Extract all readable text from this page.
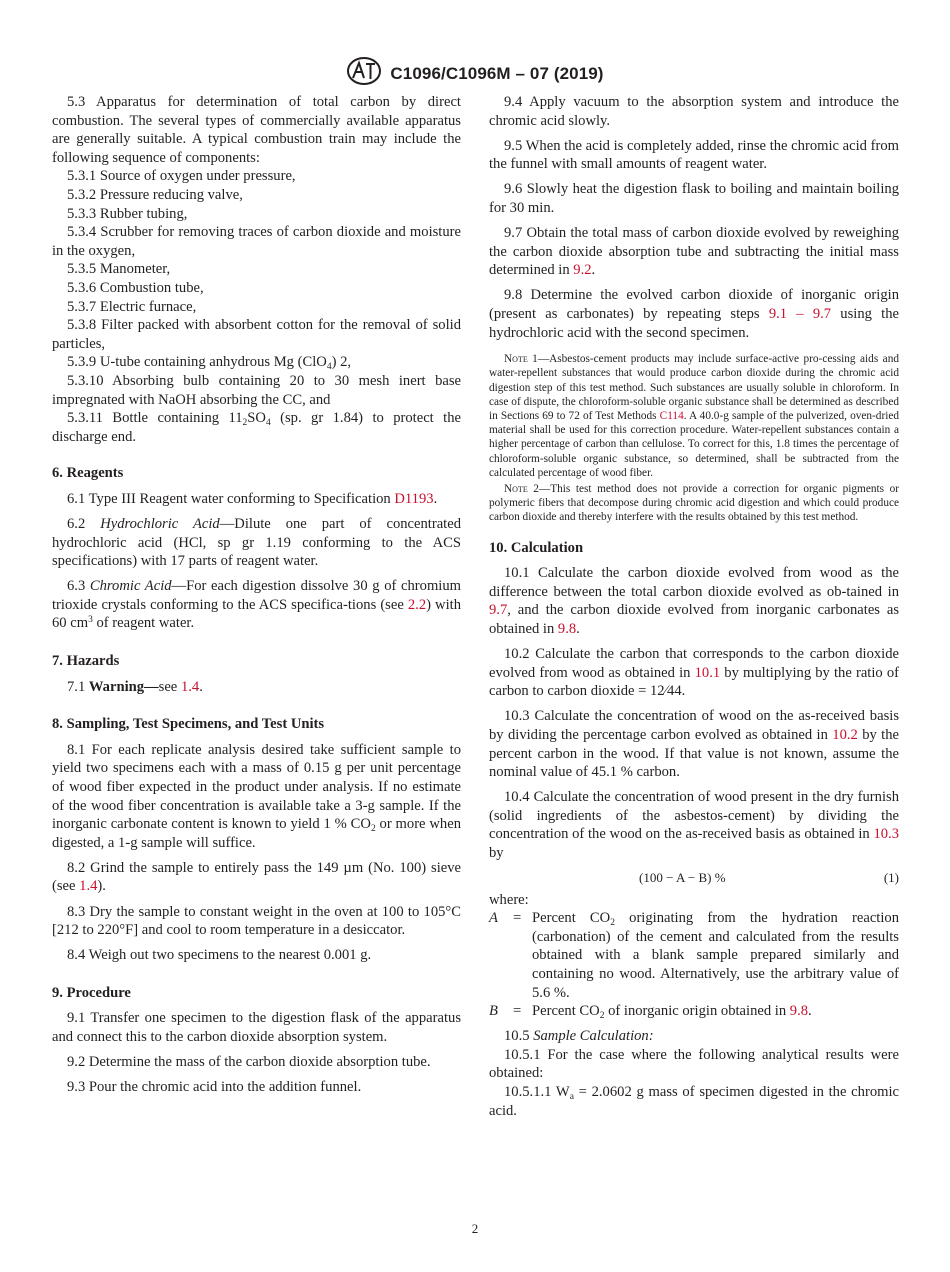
C1096/C1096M – 07 (2019)

5.3 Apparatus for determination of total carbon by direct combustion. The several types of commercially available apparatus are generally suitable. A typical combustion train may include the following sequence of components:

5.3.1 Source of oxygen under pressure,

5.3.2 Pressure reducing valve,

5.3.3 Rubber tubing,

5.3.4 Scrubber for removing traces of carbon dioxide and moisture in the oxygen,

5.3.5 Manometer,

5.3.6 Combustion tube,

5.3.7 Electric furnace,

5.3.8 Filter packed with absorbent cotton for the removal of solid particles,

5.3.9 U-tube containing anhydrous Mg (ClO$_4$) 2,

5.3.10 Absorbing bulb containing 20 to 30 mesh inert base impregnated with NaOH absorbing the CC, and

5.3.11 Bottle containing $11_2SO_4$ (sp. gr 1.84) to protect the discharge end.

6. Reagents

6.1 Type III Reagent water conforming to Specification D1193.

6.2 Hydrochloric Acid—Dilute one part of concentrated hydrochloric acid (HCl, sp gr 1.19 conforming to the ACS specifications) with 17 parts of reagent water.

6.3 Chromic Acid—For each digestion dissolve 30 g of chromium trioxide crystals conforming to the ACS specifica-tions (see 2.2) with 60 $cm^3$ of reagent water.

7. Hazards

7.1 Warning—see 1.4.

8. Sampling, Test Specimens, and Test Units

8.1 For each replicate analysis desired take sufficient sample to yield two specimens each with a mass of 0.15 g per unit percentage of wood fiber expected in the product under analysis. If no estimate of the wood fiber concentration is available take a 3-g sample. If the inorganic carbonate content is known to yield 1 % $CO_2$ or more when digested, a 1-g sample will suffice.

8.2 Grind the sample to entirely pass the 149 µm (No. 100) sieve (see 1.4).

8.3 Dry the sample to constant weight in the oven at 100 to 105°C [212 to 220°F] and cool to room temperature in a desiccator.

8.4 Weigh out two specimens to the nearest 0.001 g.

9. Procedure

9.1 Transfer one specimen to the digestion flask of the apparatus and connect this to the carbon dioxide absorption system.

9.2 Determine the mass of the carbon dioxide absorption tube.

9.3 Pour the chromic acid into the addition funnel.

9.4 Apply vacuum to the absorption system and introduce the chromic acid slowly.

9.5 When the acid is completely added, rinse the chromic acid from the funnel with small amounts of reagent water.

9.6 Slowly heat the digestion flask to boiling and maintain boiling for 30 min.

9.7 Obtain the total mass of carbon dioxide evolved by reweighing the carbon dioxide absorption tube and subtracting the initial mass determined in 9.2.

9.8 Determine the evolved carbon dioxide of inorganic origin (present as carbonates) by repeating steps 9.1 – 9.7 using the hydrochloric acid with the second specimen.

Note 1—Asbestos-cement products may include surface-active pro-cessing aids and water-repellent substances that would produce carbon dioxide during the chromic acid digestion step of this test method. Such substances are usually soluble in chloroform. In case of dispute, the chloroform-soluble organic substance shall be determined as described in Sections 69 to 72 of Test Methods C114. A 40.0-g sample of the pulverized, oven-dried material shall be used for this correction procedure. Water-repellent substances contain a higher percentage of carbon than cellulose. To correct for this, 1.8 times the percentage of chloroform-soluble organic substance, so determined, shall be subtracted from the calculated percentage of wood fiber.

Note 2—This test method does not provide a correction for organic pigments or polymeric fibers that decompose during chromic acid digestion and which could produce carbon dioxide and thereby interfere with the results obtained by this test method.

10. Calculation

10.1 Calculate the carbon dioxide evolved from wood as the difference between the total carbon dioxide evolved as ob-tained in 9.7, and the carbon dioxide evolved from inorganic carbonates as obtained in 9.8.

10.2 Calculate the carbon that corresponds to the carbon dioxide evolved from wood as obtained in 10.1 by multiplying by the ratio of carbon to carbon dioxide = 12⁄44.

10.3 Calculate the concentration of wood on the as-received basis by dividing the percentage carbon evolved as obtained in 10.2 by the percent carbon in the wood. If that value is not known, assume the nominal value of 45.1 % carbon.

10.4 Calculate the concentration of wood present in the dry furnish (solid ingredients of the asbestos-cement) by dividing the concentration of the wood on the as-received basis as obtained in 10.3 by

(100 − A − B) %	(1)

where:

A = Percent $CO_2$ originating from the hydration reaction (carbonation) of the cement and calculated from the results obtained with a blank sample prepared similarly and containing no wood. Alternatively, use the arbitrary value of 5.6 %.
B = Percent $CO_2$ of inorganic origin obtained in 9.8.

10.5 Sample Calculation:

10.5.1 For the case where the following analytical results were obtained:

10.5.1.1 $W_a = 2.0602$ g mass of specimen digested in the chromic acid.

2
